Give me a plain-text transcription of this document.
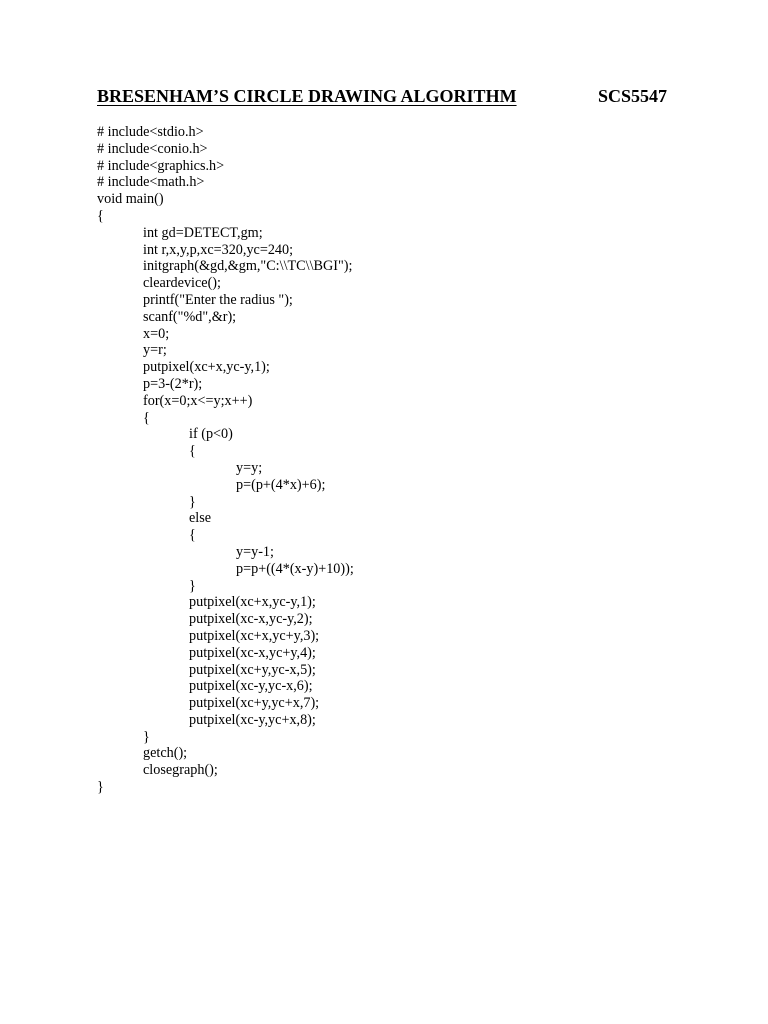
BRESENHAM’S CIRCLE DRAWING ALGORITHM	SCS5547
# include<stdio.h>
# include<conio.h>
# include<graphics.h>
# include<math.h>
void main()
{
int gd=DETECT,gm;
int r,x,y,p,xc=320,yc=240;
initgraph(&gd,&gm,"C:\\TC\\BGI");
cleardevice();
printf("Enter the radius ");
scanf("%d",&r);
x=0;
y=r;
putpixel(xc+x,yc-y,1);
p=3-(2*r);
for(x=0;x<=y;x++)
{
if (p<0)
{
y=y;
p=(p+(4*x)+6);
}
else
{
y=y-1;
p=p+((4*(x-y)+10));
}
putpixel(xc+x,yc-y,1);
putpixel(xc-x,yc-y,2);
putpixel(xc+x,yc+y,3);
putpixel(xc-x,yc+y,4);
putpixel(xc+y,yc-x,5);
putpixel(xc-y,yc-x,6);
putpixel(xc+y,yc+x,7);
putpixel(xc-y,yc+x,8);
}
getch();
closegraph();
}
